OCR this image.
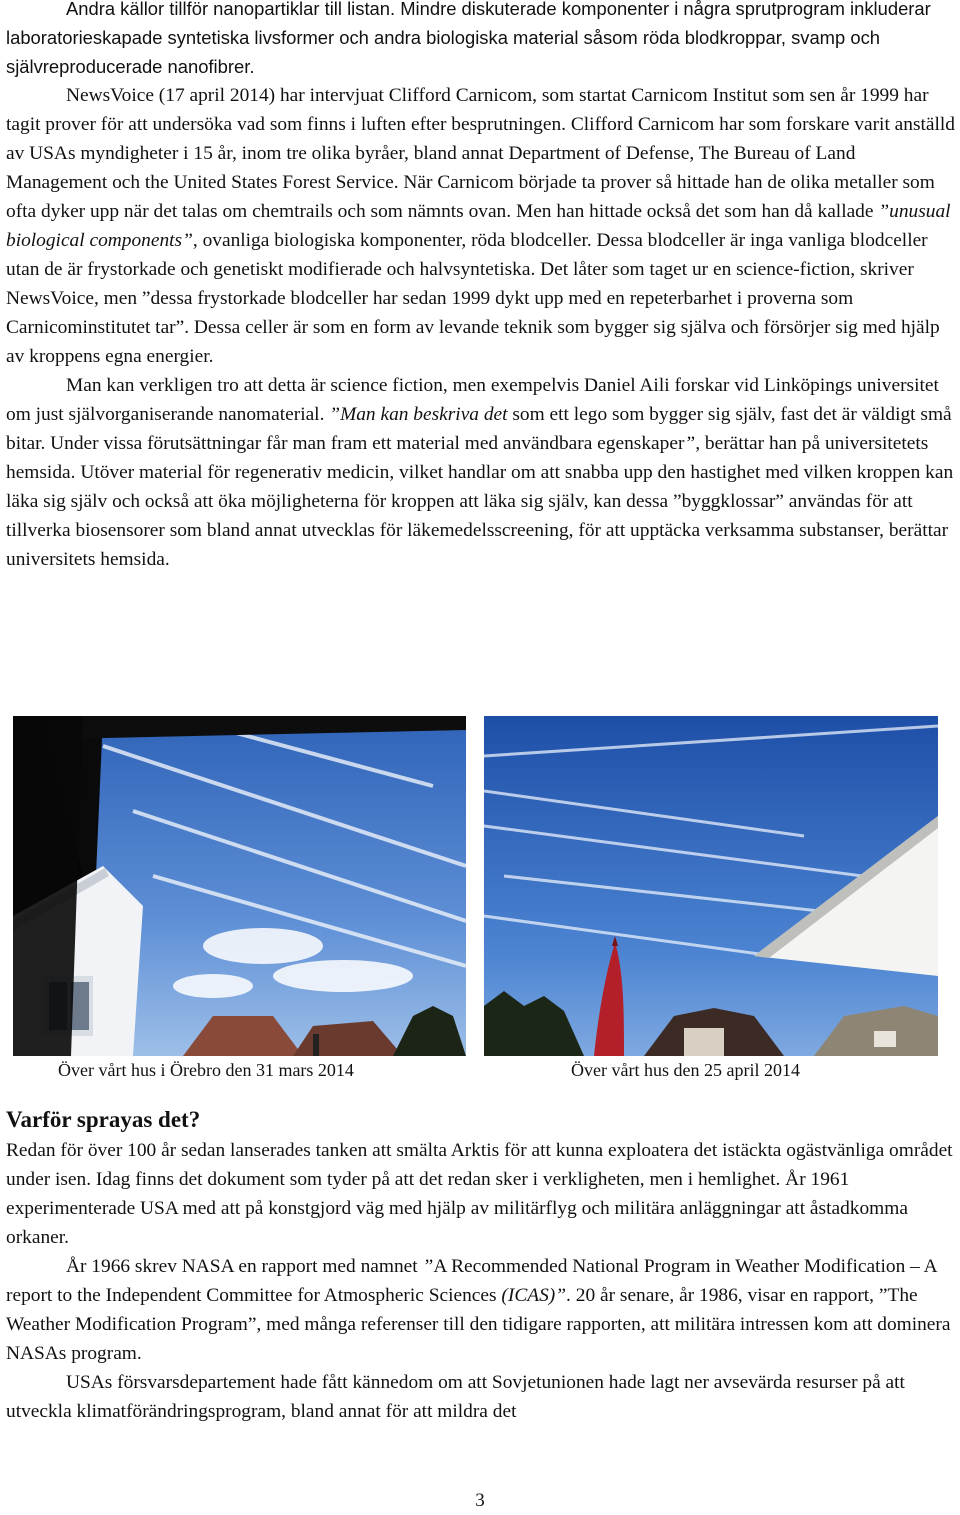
Andra källor tillför nanopartiklar till listan. Mindre diskuterade komponenter i några sprutprogram inkluderar laboratorieskapade syntetiska livsformer och andra biologiska material såsom röda blodkroppar, svamp och självreproducerade nanofibrer.

NewsVoice (17 april 2014) har intervjuat Clifford Carnicom, som startat Carnicom Institut som sen år 1999 har tagit prover för att undersöka vad som finns i luften efter besprutningen. Clifford Carnicom har som forskare varit anställd av USAs myndigheter i 15 år, inom tre olika byråer, bland annat Department of Defense, The Bureau of Land Management och the United States Forest Service. När Carnicom började ta prover så hittade han de olika metaller som ofta dyker upp när det talas om chemtrails och som nämnts ovan. Men han hittade också det som han då kallade ”unusual biological components”, ovanliga biologiska komponenter, röda blodceller. Dessa blodceller är inga vanliga blodceller utan de är frystorkade och genetiskt modifierade och halvsyntetiska. Det låter som taget ur en science-fiction, skriver NewsVoice, men ”dessa frystorkade blodceller har sedan 1999 dykt upp med en repeterbarhet i proverna som Carnicominstitutet tar”. Dessa celler är som en form av levande teknik som bygger sig själva och försörjer sig med hjälp av kroppens egna energier.

Man kan verkligen tro att detta är science fiction, men exempelvis Daniel Aili forskar vid Linköpings universitet om just självorganiserande nanomaterial. ”Man kan beskriva det som ett lego som bygger sig själv, fast det är väldigt små bitar. Under vissa förutsättningar får man fram ett material med användbara egenskaper”, berättar han på universitetets hemsida. Utöver material för regenerativ medicin, vilket handlar om att snabba upp den hastighet med vilken kroppen kan läka sig själv och också att öka möjligheterna för kroppen att läka sig själv, kan dessa ”byggklossar” användas för att tillverka biosensorer som bland annat utvecklas för läkemedelsscreening, för att upptäcka verksamma substanser, berättar universitets hemsida.

Över vårt hus i Örebro den 31 mars 2014	Över vårt hus den 25 april 2014
Varför sprayas det?

Redan för över 100 år sedan lanserades tanken att smälta Arktis för att kunna exploatera det istäckta ogästvänliga området under isen. Idag finns det dokument som tyder på att det redan sker i verkligheten, men i hemlighet. År 1961 experimenterade USA med att på konstgjord väg med hjälp av militärflyg och militära anläggningar att åstadkomma orkaner.

År 1966 skrev NASA en rapport med namnet ”A Recommended National Program in Weather Modification – A report to the Independent Committee for Atmospheric Sciences (ICAS)”. 20 år senare, år 1986, visar en rapport, ”The Weather Modification Program”, med många referenser till den tidigare rapporten, att militära intressen kom att dominera NASAs program.

USAs försvarsdepartement hade fått kännedom om att Sovjetunionen hade lagt ner avsevärda resurser på att utveckla klimatförändringsprogram, bland annat för att mildra det

3
